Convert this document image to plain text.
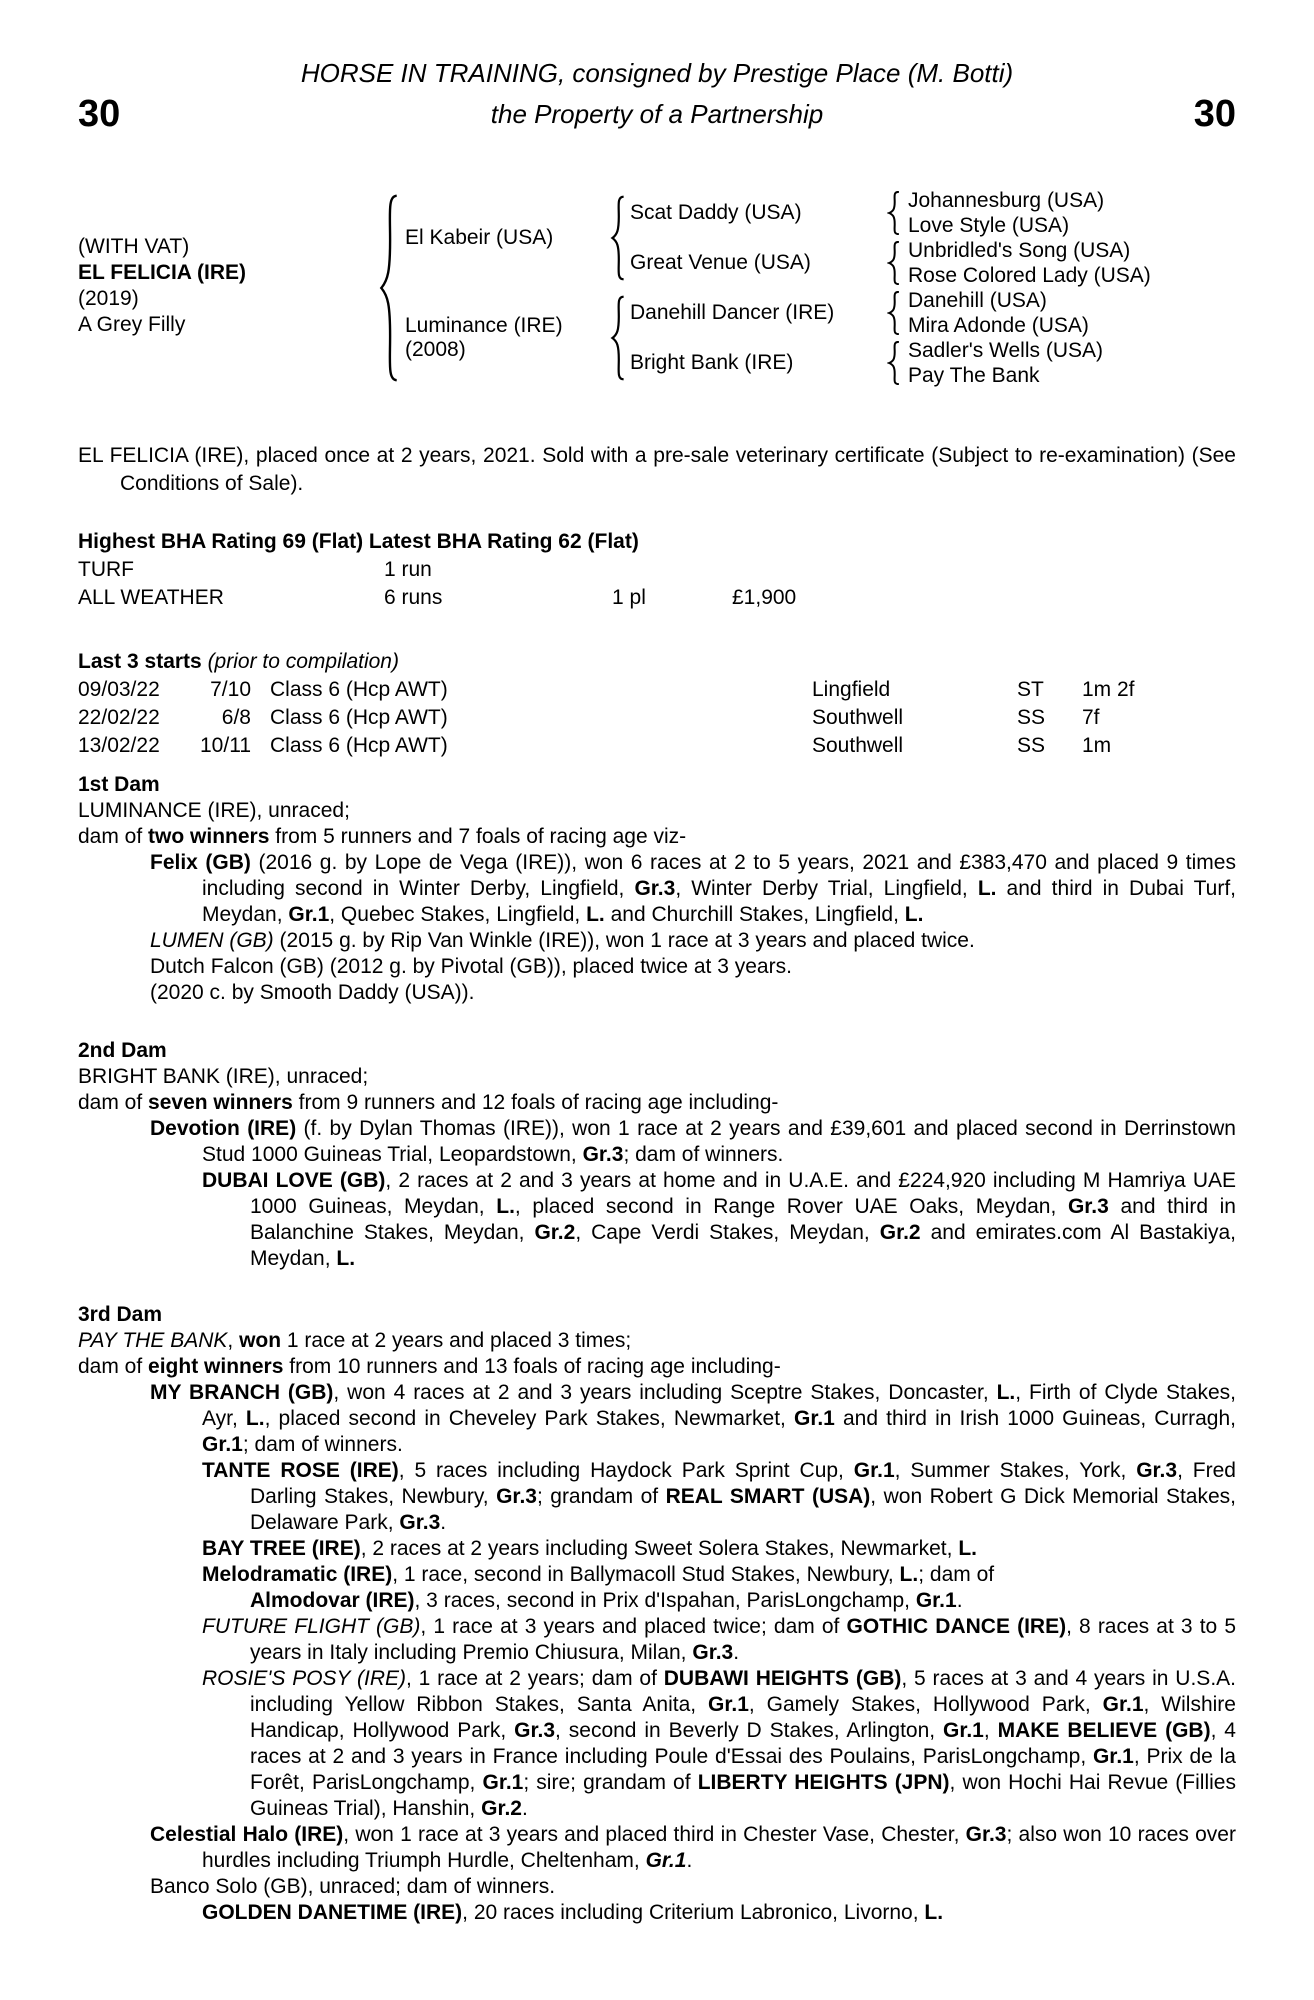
HORSE IN TRAINING, consigned by Prestige Place (M. Botti)
30	the Property of a Partnership	30
(WITH VAT)
EL FELICIA (IRE)
(2019)
A Grey Filly
El Kabeir (USA)
Luminance (IRE)
(2008)
Scat Daddy (USA)
Great Venue (USA)
Danehill Dancer (IRE)
Bright Bank (IRE)
Johannesburg (USA)
Love Style (USA)
Unbridled's Song (USA)
Rose Colored Lady (USA)
Danehill (USA)
Mira Adonde (USA)
Sadler's Wells (USA)
Pay The Bank
EL FELICIA (IRE), placed once at 2 years, 2021. Sold with a pre-sale veterinary certificate (Subject to re-examination) (See Conditions of Sale).
Highest BHA Rating 69 (Flat) Latest BHA Rating 62 (Flat)
TURF	1 run
ALL WEATHER	6 runs	1 pl	£1,900
Last 3 starts (prior to compilation)
09/03/22	7/10 Class 6 (Hcp AWT)	Lingfield	ST	1m 2f
22/02/22	6/8 Class 6 (Hcp AWT)	Southwell	SS	7f
13/02/22	10/11 Class 6 (Hcp AWT)	Southwell	SS	1m
1st Dam

LUMINANCE (IRE), unraced;

dam of two winners from 5 runners and 7 foals of racing age viz-

Felix (GB) (2016 g. by Lope de Vega (IRE)), won 6 races at 2 to 5 years, 2021 and £383,470 and placed 9 times including second in Winter Derby, Lingfield, Gr.3, Winter Derby Trial, Lingfield, L. and third in Dubai Turf, Meydan, Gr.1, Quebec Stakes, Lingfield, L. and Churchill Stakes, Lingfield, L.

LUMEN (GB) (2015 g. by Rip Van Winkle (IRE)), won 1 race at 3 years and placed twice.

Dutch Falcon (GB) (2012 g. by Pivotal (GB)), placed twice at 3 years.

(2020 c. by Smooth Daddy (USA)).

2nd Dam

BRIGHT BANK (IRE), unraced;

dam of seven winners from 9 runners and 12 foals of racing age including-

Devotion (IRE) (f. by Dylan Thomas (IRE)), won 1 race at 2 years and £39,601 and placed second in Derrinstown Stud 1000 Guineas Trial, Leopardstown, Gr.3; dam of winners.

DUBAI LOVE (GB), 2 races at 2 and 3 years at home and in U.A.E. and £224,920 including M Hamriya UAE 1000 Guineas, Meydan, L., placed second in Range Rover UAE Oaks, Meydan, Gr.3 and third in Balanchine Stakes, Meydan, Gr.2, Cape Verdi Stakes, Meydan, Gr.2 and emirates.com Al Bastakiya, Meydan, L.

3rd Dam

PAY THE BANK, won 1 race at 2 years and placed 3 times;

dam of eight winners from 10 runners and 13 foals of racing age including-

MY BRANCH (GB), won 4 races at 2 and 3 years including Sceptre Stakes, Doncaster, L., Firth of Clyde Stakes, Ayr, L., placed second in Cheveley Park Stakes, Newmarket, Gr.1 and third in Irish 1000 Guineas, Curragh, Gr.1; dam of winners.

TANTE ROSE (IRE), 5 races including Haydock Park Sprint Cup, Gr.1, Summer Stakes, York, Gr.3, Fred Darling Stakes, Newbury, Gr.3; grandam of REAL SMART (USA), won Robert G Dick Memorial Stakes, Delaware Park, Gr.3.

BAY TREE (IRE), 2 races at 2 years including Sweet Solera Stakes, Newmarket, L.

Melodramatic (IRE), 1 race, second in Ballymacoll Stud Stakes, Newbury, L.; dam of

Almodovar (IRE), 3 races, second in Prix d'Ispahan, ParisLongchamp, Gr.1.

FUTURE FLIGHT (GB), 1 race at 3 years and placed twice; dam of GOTHIC DANCE (IRE), 8 races at 3 to 5 years in Italy including Premio Chiusura, Milan, Gr.3.

ROSIE'S POSY (IRE), 1 race at 2 years; dam of DUBAWI HEIGHTS (GB), 5 races at 3 and 4 years in U.S.A. including Yellow Ribbon Stakes, Santa Anita, Gr.1, Gamely Stakes, Hollywood Park, Gr.1, Wilshire Handicap, Hollywood Park, Gr.3, second in Beverly D Stakes, Arlington, Gr.1, MAKE BELIEVE (GB), 4 races at 2 and 3 years in France including Poule d'Essai des Poulains, ParisLongchamp, Gr.1, Prix de la Forêt, ParisLongchamp, Gr.1; sire; grandam of LIBERTY HEIGHTS (JPN), won Hochi Hai Revue (Fillies Guineas Trial), Hanshin, Gr.2.

Celestial Halo (IRE), won 1 race at 3 years and placed third in Chester Vase, Chester, Gr.3; also won 10 races over hurdles including Triumph Hurdle, Cheltenham, Gr.1.

Banco Solo (GB), unraced; dam of winners.

GOLDEN DANETIME (IRE), 20 races including Criterium Labronico, Livorno, L.
